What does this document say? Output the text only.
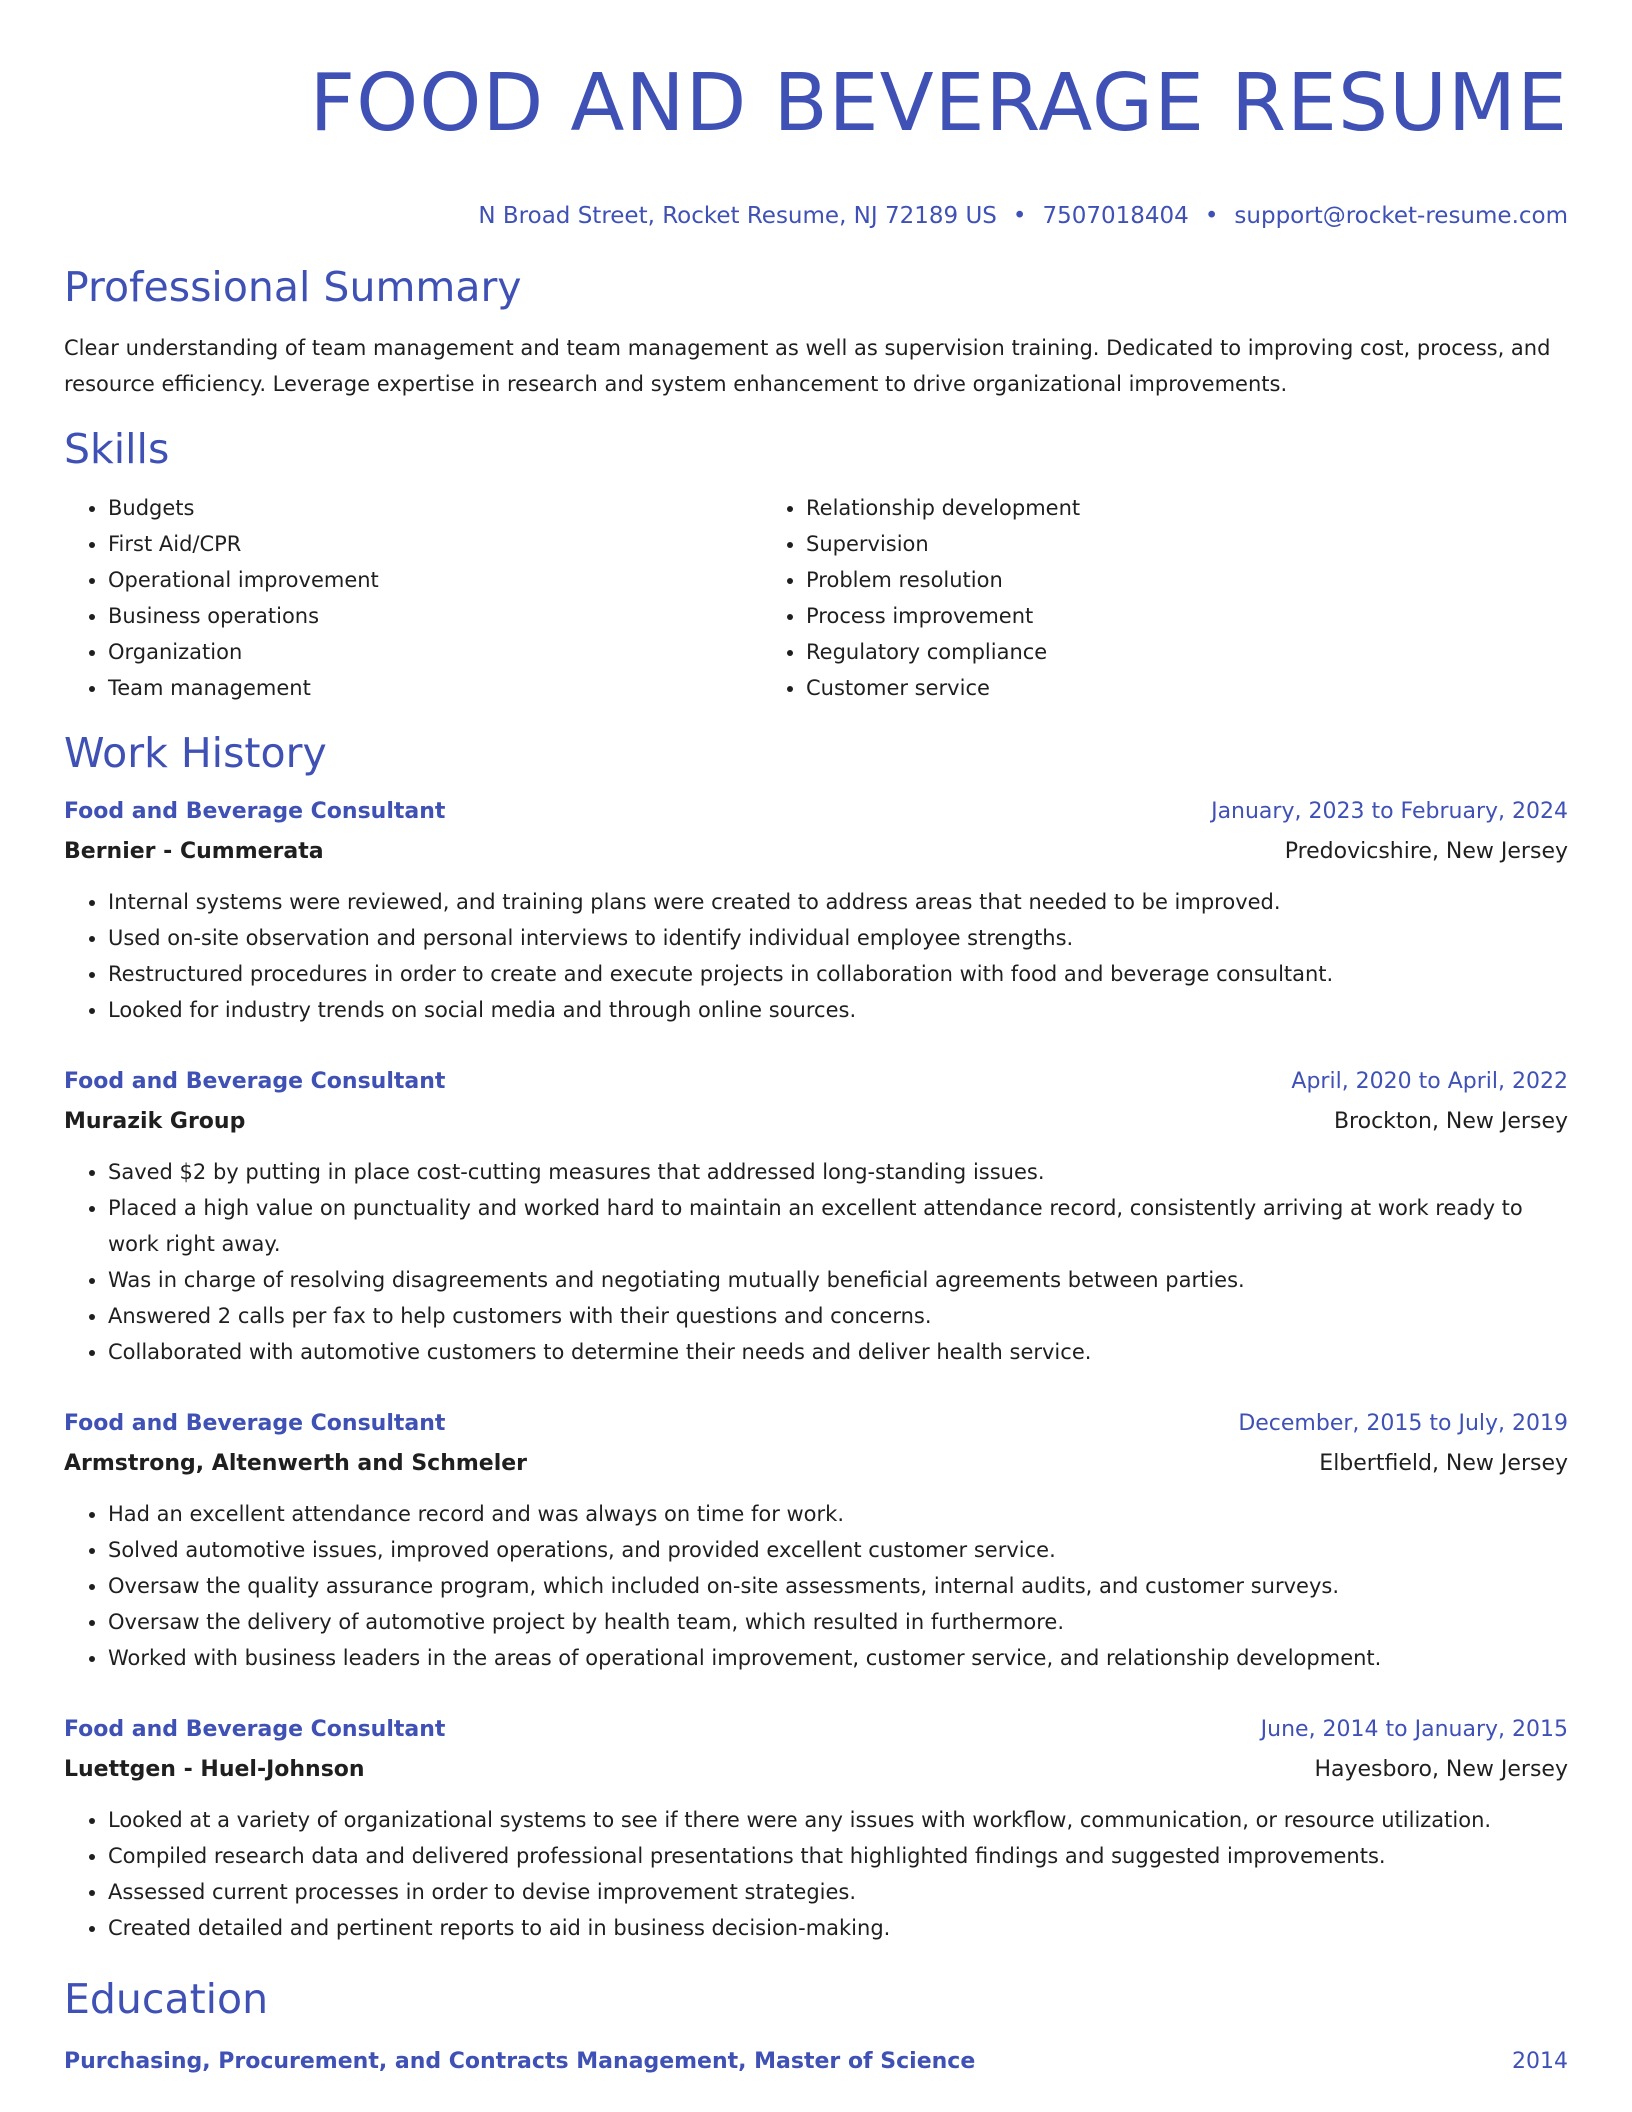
FOOD AND BEVERAGE RESUME
N Broad Street, Rocket Resume, NJ 72189 US • 7507018404 • support@rocket-resume.com
Professional Summary
Clear understanding of team management and team management as well as supervision training. Dedicated to improving cost, process, and resource efficiency. Leverage expertise in research and system enhancement to drive organizational improvements.
Skills
• Budgets
• First Aid/CPR
• Operational improvement
• Business operations
• Organization
• Team management
• Relationship development
• Supervision
• Problem resolution
• Process improvement
• Regulatory compliance
• Customer service
Work History
Food and Beverage Consultant	January, 2023 to February, 2024
Bernier - Cummerata	Predovicshire, New Jersey
• Internal systems were reviewed, and training plans were created to address areas that needed to be improved.
• Used on-site observation and personal interviews to identify individual employee strengths.
• Restructured procedures in order to create and execute projects in collaboration with food and beverage consultant.
• Looked for industry trends on social media and through online sources.
Food and Beverage Consultant	April, 2020 to April, 2022
Murazik Group	Brockton, New Jersey
• Saved $2 by putting in place cost-cutting measures that addressed long-standing issues.
• Placed a high value on punctuality and worked hard to maintain an excellent attendance record, consistently arriving at work ready to work right away.
• Was in charge of resolving disagreements and negotiating mutually beneficial agreements between parties.
• Answered 2 calls per fax to help customers with their questions and concerns.
• Collaborated with automotive customers to determine their needs and deliver health service.
Food and Beverage Consultant	December, 2015 to July, 2019
Armstrong, Altenwerth and Schmeler	Elbertfield, New Jersey
• Had an excellent attendance record and was always on time for work.
• Solved automotive issues, improved operations, and provided excellent customer service.
• Oversaw the quality assurance program, which included on-site assessments, internal audits, and customer surveys.
• Oversaw the delivery of automotive project by health team, which resulted in furthermore.
• Worked with business leaders in the areas of operational improvement, customer service, and relationship development.
Food and Beverage Consultant	June, 2014 to January, 2015
Luettgen - Huel-Johnson	Hayesboro, New Jersey
• Looked at a variety of organizational systems to see if there were any issues with workflow, communication, or resource utilization.
• Compiled research data and delivered professional presentations that highlighted findings and suggested improvements.
• Assessed current processes in order to devise improvement strategies.
• Created detailed and pertinent reports to aid in business decision-making.
Education
Purchasing, Procurement, and Contracts Management, Master of Science	2014
